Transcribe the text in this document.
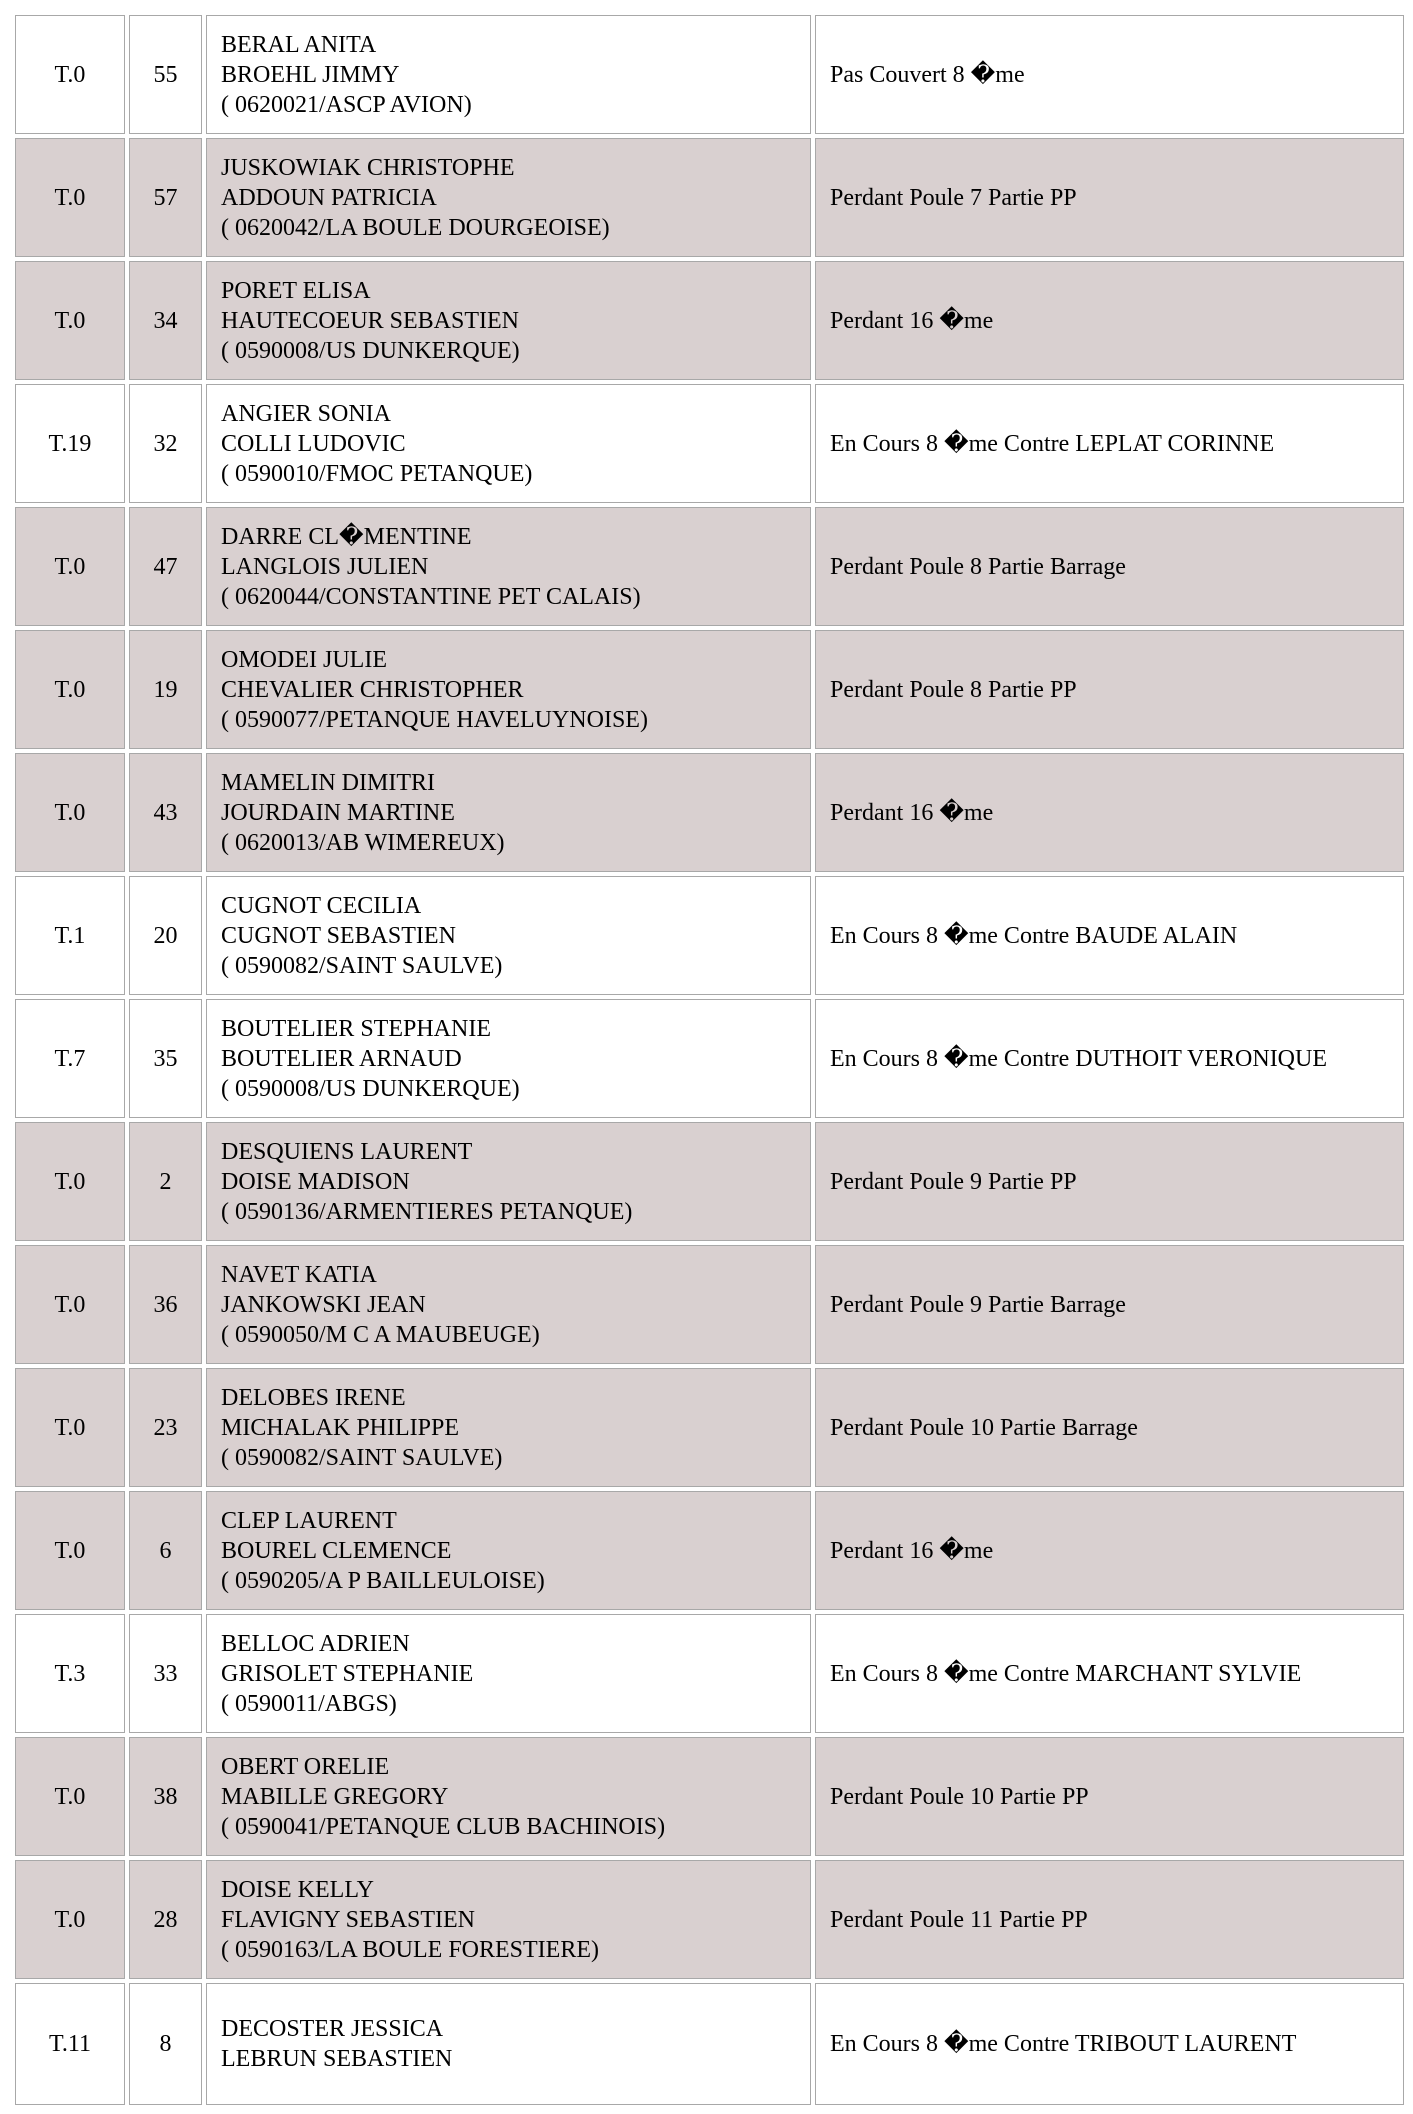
T.0	55	BERAL ANITA
BROEHL JIMMY
( 0620021/ASCP AVION)	Pas Couvert 8 �me
T.0	57	JUSKOWIAK CHRISTOPHE
ADDOUN PATRICIA
( 0620042/LA BOULE DOURGEOISE)	Perdant Poule 7 Partie PP
T.0	34	PORET ELISA
HAUTECOEUR SEBASTIEN
( 0590008/US DUNKERQUE)	Perdant 16 �me
T.19	32	ANGIER SONIA
COLLI LUDOVIC
( 0590010/FMOC PETANQUE)	En Cours 8 �me Contre LEPLAT CORINNE
T.0	47	DARRE CL�MENTINE
LANGLOIS JULIEN
( 0620044/CONSTANTINE PET CALAIS)	Perdant Poule 8 Partie Barrage
T.0	19	OMODEI JULIE
CHEVALIER CHRISTOPHER
( 0590077/PETANQUE HAVELUYNOISE)	Perdant Poule 8 Partie PP
T.0	43	MAMELIN DIMITRI
JOURDAIN MARTINE
( 0620013/AB WIMEREUX)	Perdant 16 �me
T.1	20	CUGNOT CECILIA
CUGNOT SEBASTIEN
( 0590082/SAINT SAULVE)	En Cours 8 �me Contre BAUDE ALAIN
T.7	35	BOUTELIER STEPHANIE
BOUTELIER ARNAUD
( 0590008/US DUNKERQUE)	En Cours 8 �me Contre DUTHOIT VERONIQUE
T.0	2	DESQUIENS LAURENT
DOISE MADISON
( 0590136/ARMENTIERES PETANQUE)	Perdant Poule 9 Partie PP
T.0	36	NAVET KATIA
JANKOWSKI JEAN
( 0590050/M C A MAUBEUGE)	Perdant Poule 9 Partie Barrage
T.0	23	DELOBES IRENE
MICHALAK PHILIPPE
( 0590082/SAINT SAULVE)	Perdant Poule 10 Partie Barrage
T.0	6	CLEP LAURENT
BOUREL CLEMENCE
( 0590205/A P BAILLEULOISE)	Perdant 16 �me
T.3	33	BELLOC ADRIEN
GRISOLET STEPHANIE
( 0590011/ABGS)	En Cours 8 �me Contre MARCHANT SYLVIE
T.0	38	OBERT ORELIE
MABILLE GREGORY
( 0590041/PETANQUE CLUB BACHINOIS)	Perdant Poule 10 Partie PP
T.0	28	DOISE KELLY
FLAVIGNY SEBASTIEN
( 0590163/LA BOULE FORESTIERE)	Perdant Poule 11 Partie PP
T.11	8	DECOSTER JESSICA
LEBRUN SEBASTIEN	En Cours 8 �me Contre TRIBOUT LAURENT
